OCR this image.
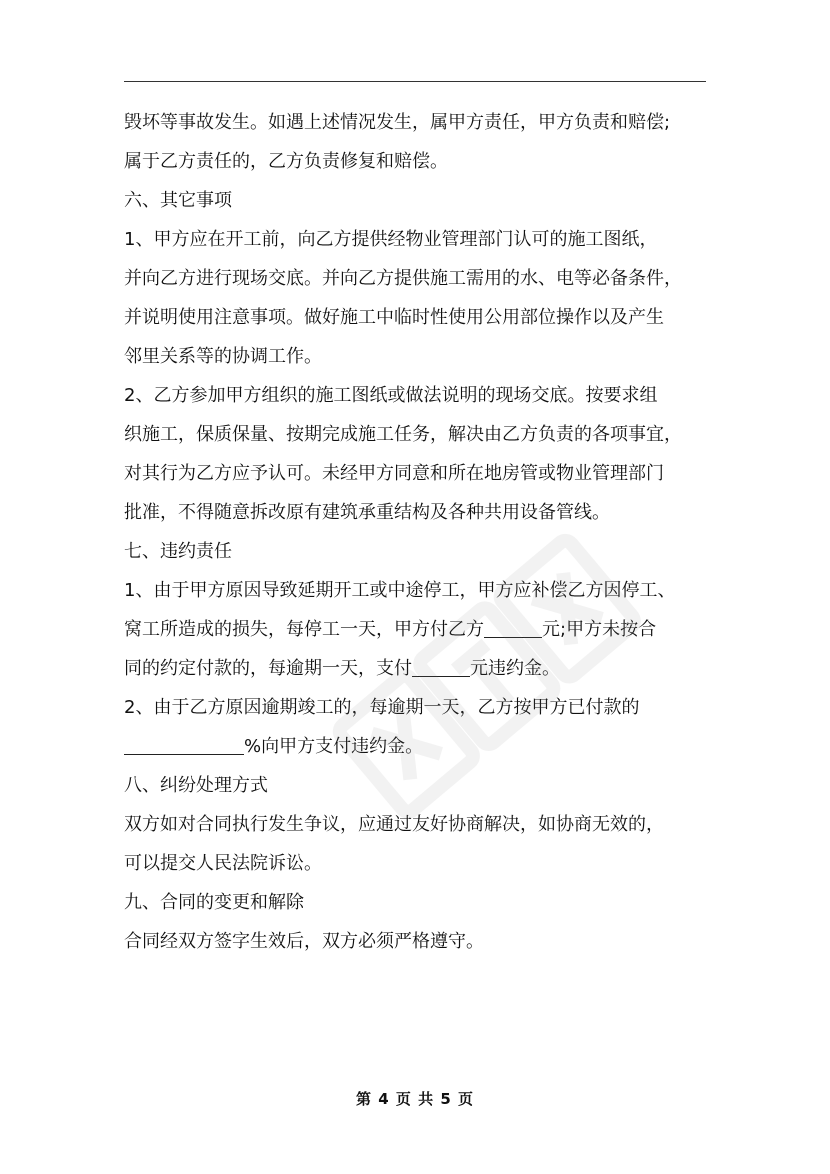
毁坏等事故发生。如遇上述情况发生，属甲方责任，甲方负责和赔偿;
属于乙方责任的，乙方负责修复和赔偿。
六、其它事项
1、甲方应在开工前，向乙方提供经物业管理部门认可的施工图纸，
并向乙方进行现场交底。并向乙方提供施工需用的水、电等必备条件，
并说明使用注意事项。做好施工中临时性使用公用部位操作以及产生
邻里关系等的协调工作。
2、乙方参加甲方组织的施工图纸或做法说明的现场交底。按要求组
织施工，保质保量、按期完成施工任务，解决由乙方负责的各项事宜，
对其行为乙方应予认可。未经甲方同意和所在地房管或物业管理部门
批准，不得随意拆改原有建筑承重结构及各种共用设备管线。
七、违约责任
1、由于甲方原因导致延期开工或中途停工，甲方应补偿乙方因停工、
窝工所造成的损失，每停工一天，甲方付乙方	元;甲方未按合
同的约定付款的，每逾期一天，支付	元违约金。
2、由于乙方原因逾期竣工的，每逾期一天，乙方按甲方已付款的
%向甲方支付违约金。
八、纠纷处理方式
双方如对合同执行发生争议，应通过友好协商解决，如协商无效的，
可以提交人民法院诉讼。
九、合同的变更和解除
合同经双方签字生效后，双方必须严格遵守。
第 4 页 共 5 页
